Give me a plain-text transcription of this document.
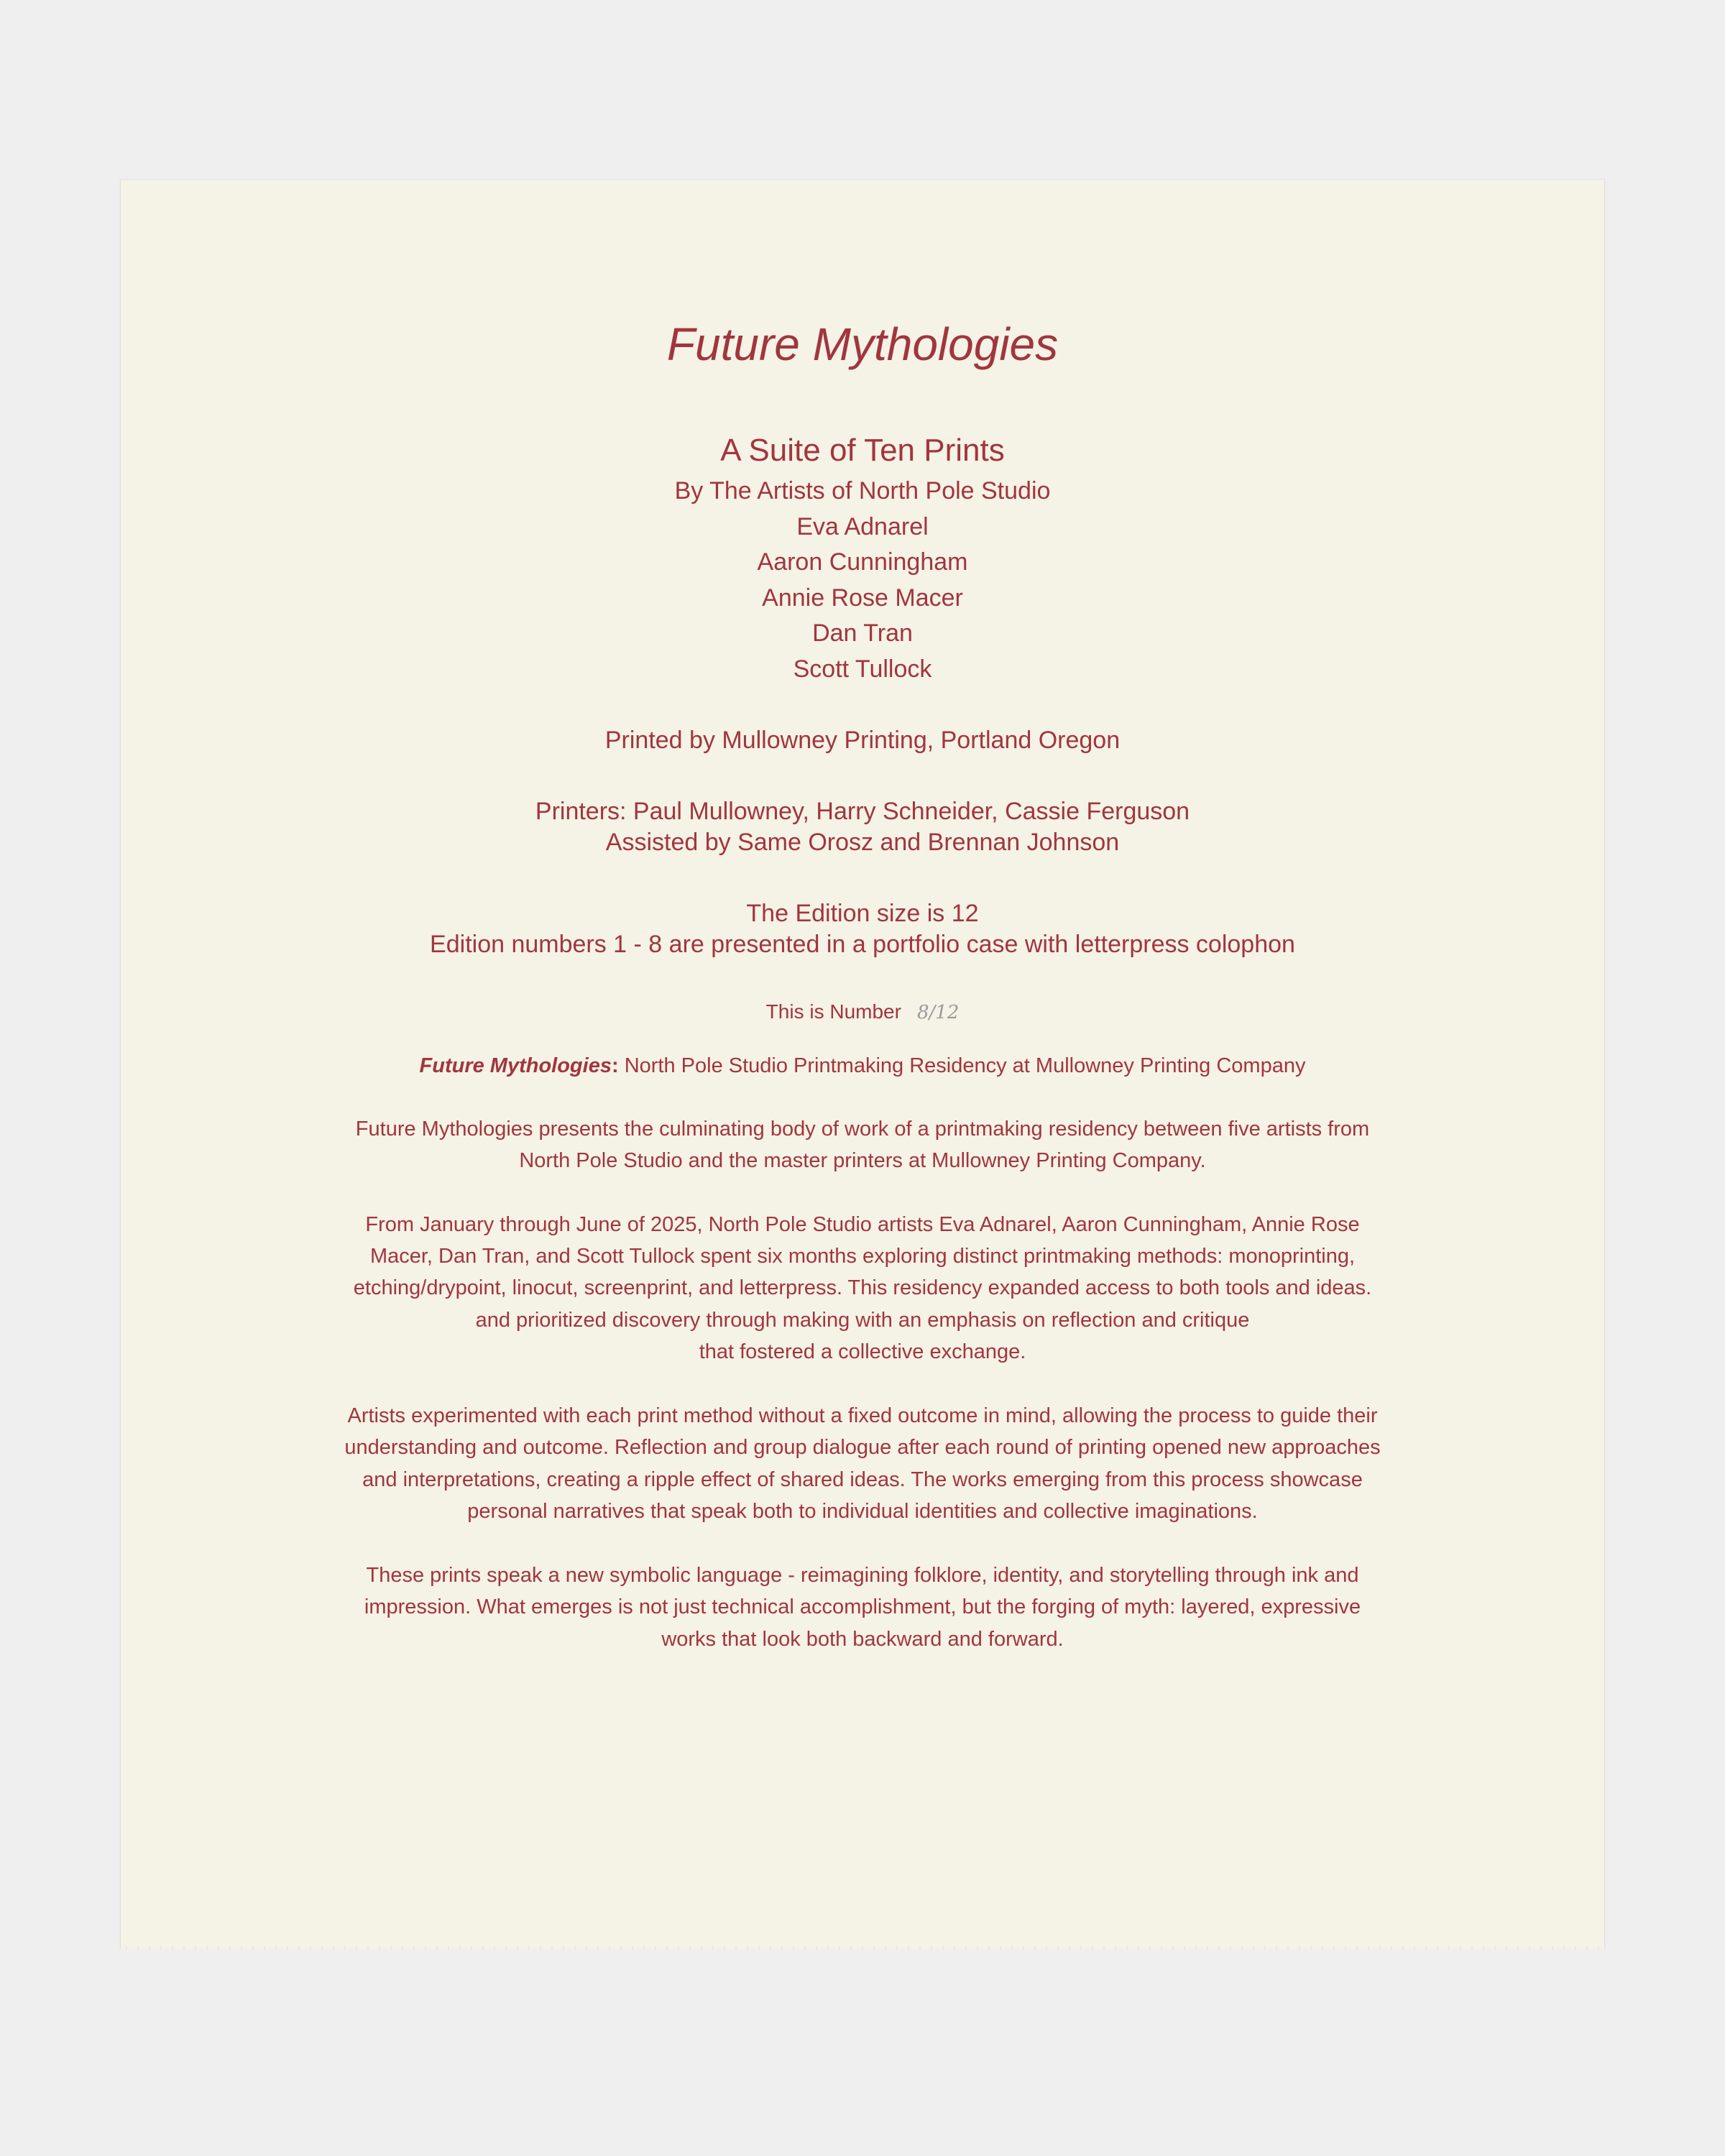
Future Mythologies
A Suite of Ten Prints
By The Artists of North Pole Studio
Eva Adnarel
Aaron Cunningham
Annie Rose Macer
Dan Tran
Scott Tullock
Printed by Mullowney Printing, Portland Oregon
Printers: Paul Mullowney, Harry Schneider, Cassie Ferguson
Assisted by Same Orosz and Brennan Johnson
The Edition size is 12
Edition numbers 1 - 8 are presented in a portfolio case with letterpress colophon
This is Number 8/12
Future Mythologies: North Pole Studio Printmaking Residency at Mullowney Printing Company
Future Mythologies presents the culminating body of work of a printmaking residency between five artists from
North Pole Studio and the master printers at Mullowney Printing Company.
From January through June of 2025, North Pole Studio artists Eva Adnarel, Aaron Cunningham, Annie Rose
Macer, Dan Tran, and Scott Tullock spent six months exploring distinct printmaking methods: monoprinting,
etching/drypoint, linocut, screenprint, and letterpress. This residency expanded access to both tools and ideas.
and prioritized discovery through making with an emphasis on reflection and critique
that fostered a collective exchange.
Artists experimented with each print method without a fixed outcome in mind, allowing the process to guide their
understanding and outcome. Reflection and group dialogue after each round of printing opened new approaches
and interpretations, creating a ripple effect of shared ideas. The works emerging from this process showcase
personal narratives that speak both to individual identities and collective imaginations.
These prints speak a new symbolic language - reimagining folklore, identity, and storytelling through ink and
impression. What emerges is not just technical accomplishment, but the forging of myth: layered, expressive
works that look both backward and forward.
